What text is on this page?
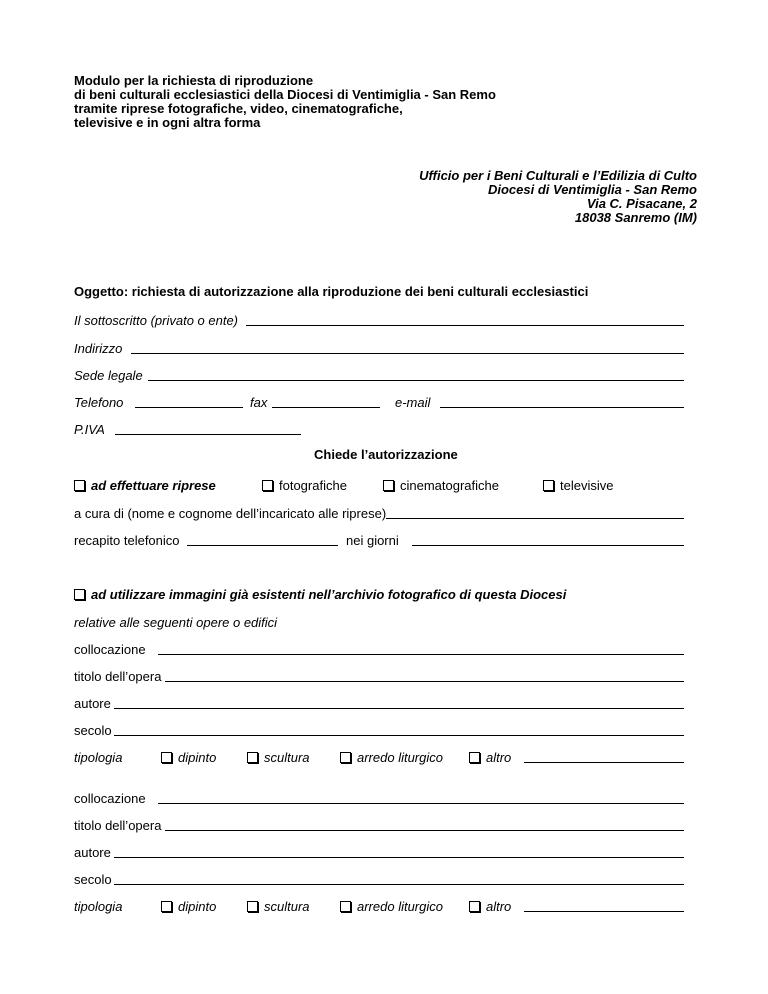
Modulo per la richiesta di riproduzione
di beni culturali ecclesiastici della Diocesi di Ventimiglia - San Remo
tramite riprese fotografiche, video, cinematografiche,
televisive e in ogni altra forma
Ufficio per i Beni Culturali e l’Edilizia di Culto
Diocesi di Ventimiglia - San Remo
Via C. Pisacane, 2
18038 Sanremo (IM)
Oggetto: richiesta di autorizzazione alla riproduzione dei beni culturali ecclesiastici
Il sottoscritto (privato o ente)
Indirizzo
Sede legale
Telefono	fax	e-mail
P.IVA
Chiede l’autorizzazione
ad effettuare riprese	fotografiche	cinematografiche	televisive
a cura di (nome e cognome dell’incaricato alle riprese)
recapito telefonico	nei giorni
ad utilizzare immagini già esistenti nell’archivio fotografico di questa Diocesi
relative alle seguenti opere o edifici
collocazione
titolo dell’opera
autore
secolo
tipologia	dipinto	scultura	arredo liturgico	altro
collocazione
titolo dell’opera
autore
secolo
tipologia	dipinto	scultura	arredo liturgico	altro
